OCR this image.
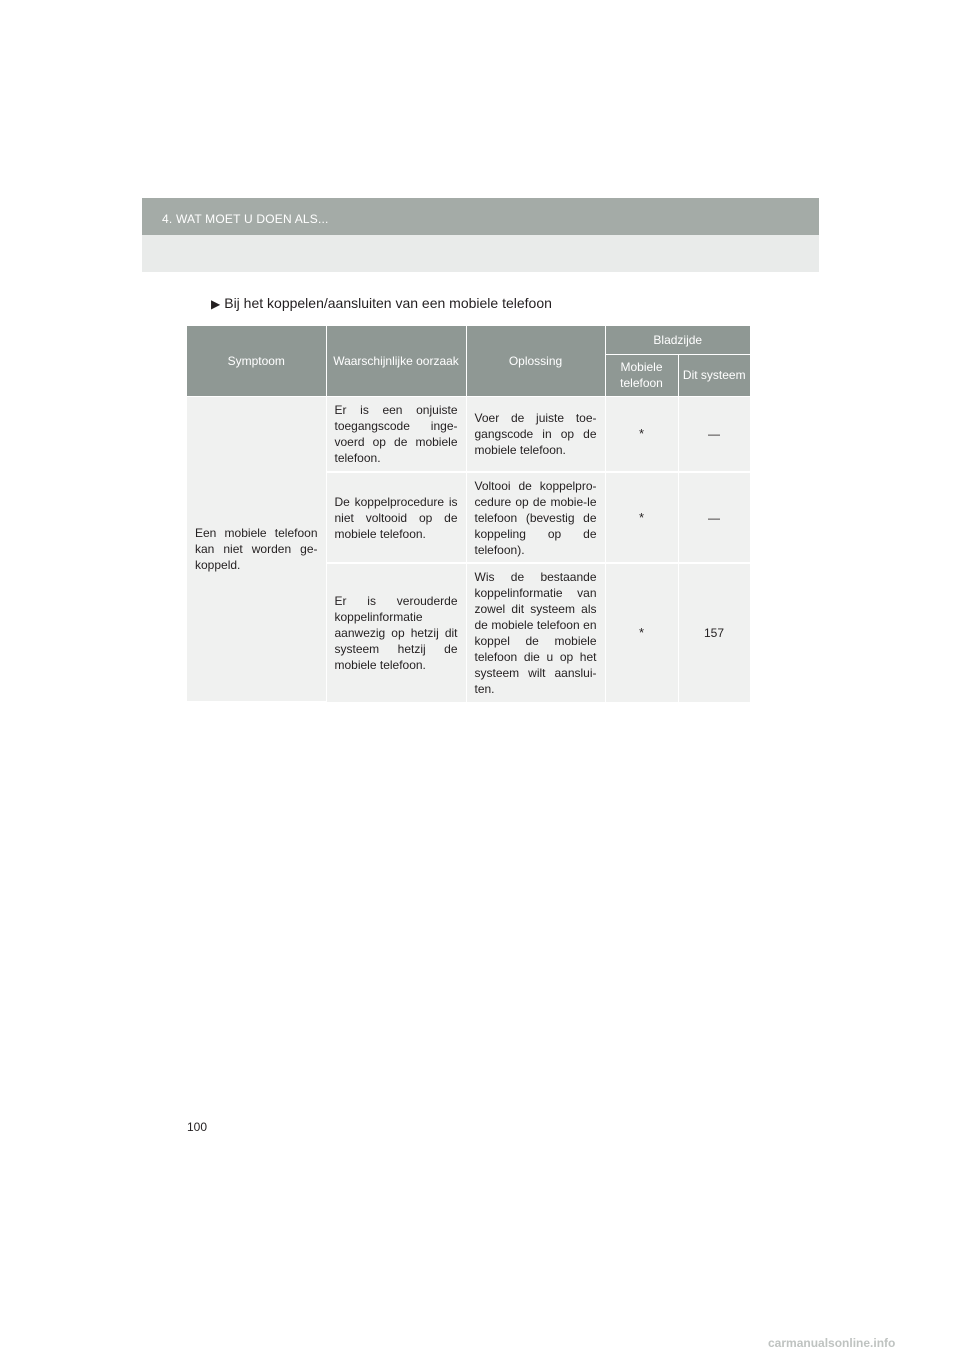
4. WAT MOET U DOEN ALS...
▶ Bij het koppelen/aansluiten van een mobiele telefoon
Symptoom	Waarschijnlijke oorzaak	Oplossing	Bladzijde	
			Mobiele telefoon	Dit systeem
Een mobiele telefoon kan niet worden ge-koppeld.	Er is een onjuiste toegangscode inge-voerd op de mobiele telefoon.	Voer de juiste toe-gangscode in op de mobiele telefoon.	*	—
	De koppelprocedure is niet voltooid op de mobiele telefoon.	Voltooi de koppelpro-cedure op de mobie-le telefoon (bevestig de koppeling op de telefoon).	*	—
	Er is verouderde koppelinformatie aanwezig op hetzij dit systeem hetzij de mobiele telefoon.	Wis de bestaande koppelinformatie van zowel dit systeem als de mobiele telefoon en koppel de mobiele telefoon die u op het systeem wilt aanslui-ten.	*	157
100
carmanualsonline.info
